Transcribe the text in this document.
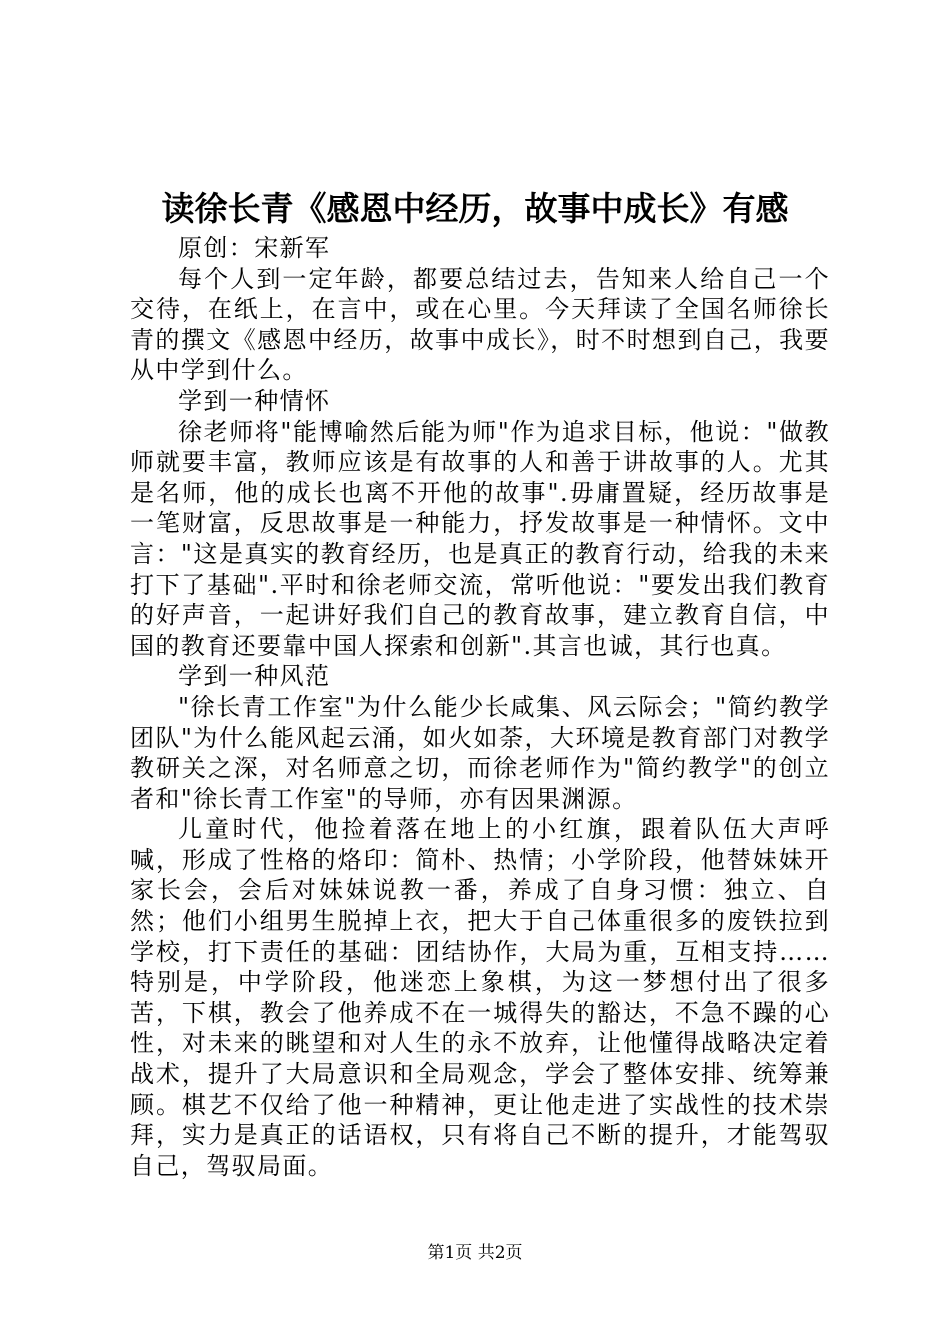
读徐长青《感恩中经历，故事中成长》有感

原创：宋新军

每个人到一定年龄，都要总结过去，告知来人给自己一个交待，在纸上，在言中，或在心里。今天拜读了全国名师徐长青的撰文《感恩中经历，故事中成长》，时不时想到自己，我要从中学到什么。

学到一种情怀

徐老师将"能博喻然后能为师"作为追求目标，他说："做教师就要丰富，教师应该是有故事的人和善于讲故事的人。尤其是名师，他的成长也离不开他的故事".毋庸置疑，经历故事是一笔财富，反思故事是一种能力，抒发故事是一种情怀。文中言："这是真实的教育经历，也是真正的教育行动，给我的未来打下了基础".平时和徐老师交流，常听他说："要发出我们教育的好声音，一起讲好我们自己的教育故事，建立教育自信，中国的教育还要靠中国人探索和创新".其言也诚，其行也真。

学到一种风范

"徐长青工作室"为什么能少长咸集、风云际会；"简约教学团队"为什么能风起云涌，如火如荼，大环境是教育部门对教学教研关之深，对名师意之切，而徐老师作为"简约教学"的创立者和"徐长青工作室"的导师，亦有因果渊源。

儿童时代，他捡着落在地上的小红旗，跟着队伍大声呼喊，形成了性格的烙印：简朴、热情；小学阶段，他替妹妹开家长会，会后对妹妹说教一番，养成了自身习惯：独立、自然；他们小组男生脱掉上衣，把大于自己体重很多的废铁拉到学校，打下责任的基础：团结协作，大局为重，互相支持……特别是，中学阶段，他迷恋上象棋，为这一梦想付出了很多苦，下棋，教会了他养成不在一城得失的豁达，不急不躁的心性，对未来的眺望和对人生的永不放弃，让他懂得战略决定着战术，提升了大局意识和全局观念，学会了整体安排、统筹兼顾。棋艺不仅给了他一种精神，更让他走进了实战性的技术崇拜，实力是真正的话语权，只有将自己不断的提升，才能驾驭自己，驾驭局面。

第1页 共2页
